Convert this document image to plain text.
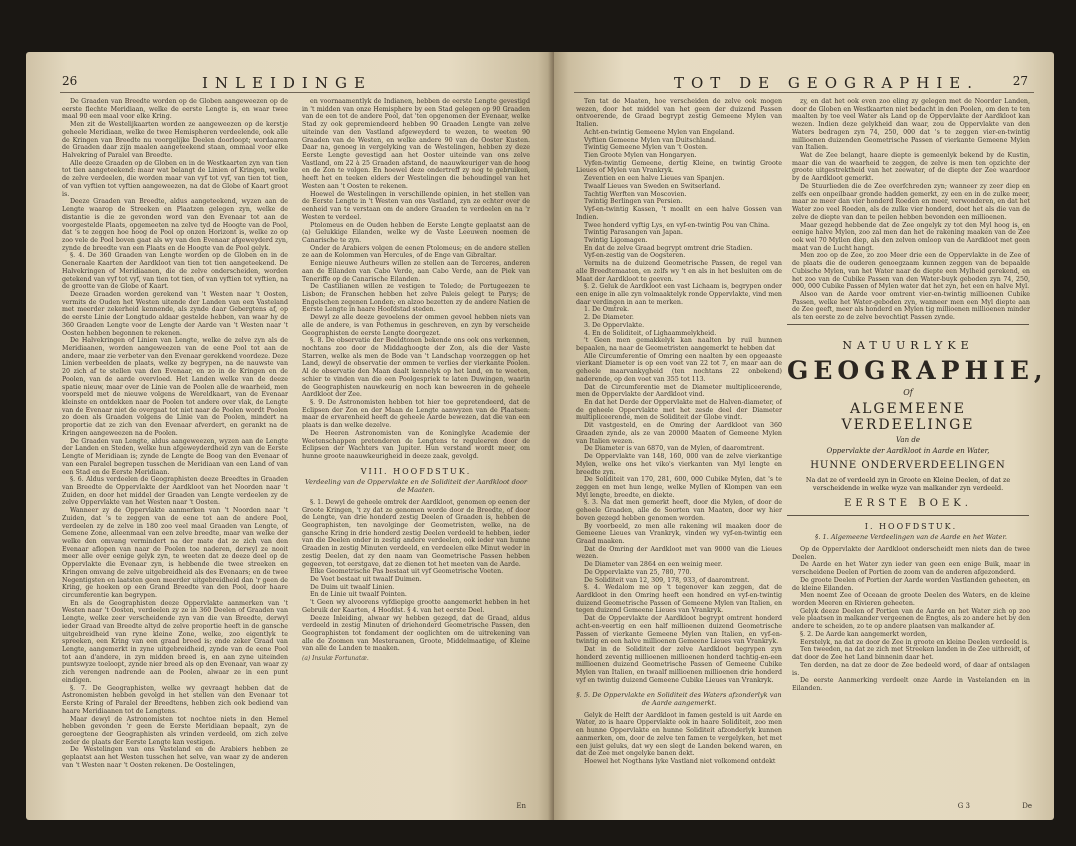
26	INLEIDINGE

De Graaden van Breedte worden op de Globen aangeweezen op de eerste flechte Meridiaan, welke de eerste Lengte is, en waar twee maal 90 een maal voor elke Kring.

Men zit de Westelijkaarten worden ze aangeweezen op de kerstje geheele Meridiaan, welke de twee Hemispheren verdeelende, ook alle de Kringen van Breedte nu voorgelijke Deelen doorloopt; wordaaren de Graaden daar zijn maalen aangeteekend staan, ommaal voor elke Halvekring of Paralel van Breedte.

Alle deeze Graaden op de Globen en in de Westkaarten zyn van tien tot tien aangeteekend: maar wat belangt de Linien of Kringen, welke de zelve verdeelen, die worden maar van vyf tot vyf, van tien tot tien, of van vyftien tot vyftien aangeweezen, na dat de Globe of Kaart groot is.

Deeze Graaden van Breedte, aldus aangeteekend, wyzen aan de Lengte waarop de Streeken en Plaatzen gelegen zyn, welke de distantie is die ze gevonden word van den Evenaar tot aan de voorgestelde Plaats, opgemeeten na zelve tyd de Hoogte van de Pool, dat 's te zeggen hoe hoog de Pool op onzen Horizont is, welke zo op zoo vele de Pool boven gaat als wy van den Evenaar afgeweyderd zyn, zynde de breedte van een Plaats en de Hoogte van de Pool gelyk.

§. 4. De 360 Graaden van Lengte worden op de Globen en in de Generaale Kaarten der Aardkloot van tien tot tien aangeteekend. De Halvekringen of Meridiaanen, die de zelve onderscheiden, worden getekend van vyf tot vyf, van tien tot tien, of van vyftien tot vyftien, na de grootte van de Globe of Kaart.

Deeze Graaden worden gerekend van 't Westen naar 't Oosten, vermits de Ouden het Westen uitende der Landen van een Vasteland met meerder zekerheid kennende, als zynde daar Gebergtens af, op de eerste Linie der Longtudo aldaar gestelde hebben, van waar hy de 360 Graaden Lengte voor de Lengte der Aarde van 't Westen naar 't Oosten hebben begonnen te rekenen.

De Halvekringen of Linien van Lengte, welke de zelve zyn als de Meridiaanen, worden aangeweezen van de eene Pool tot aan de andere, maar zie verbeter van den Evenaar gerekkend voordeze. Deze Linien verbeelden de plaats, welke zy begrypen, na de nauwste van 20 zich af te stellen van den Evenaar, en zo in de Kringen en de Poolen, van de aarde overvloed. Het Landen welke van de deeze spatie nieuw, maar over de Linie van de Poolen alle de waarheid, men voorspeld met de nieuwe volgens de Wereldkaart, van de Evenaar kleinste en ontdekken naar de Poolen tot andere over vlak, de Lengte van de Evenaar niet de overgaat tot niet naar de Poolen wordt Poolen zo doen als Graaden volgens de Linie van de Poolen, mindert na proportie dat ze zich van den Evenaar afverdert, en gerankt na de Kringen aangeweezen na de Poolen.

De Graaden van Lengte, aldus aangeweezen, wyzen aan de Lengte der Landen en Steden, welke hun afgeweyderdheid zyn van de Eerste Lengte of Meridiaan is; zynde de Lengte de Boog van den Evenaar of van een Paralel begrepen tusschen de Meridiaan van een Land of van een Stad en de Eerste Meridiaan.

§. 6. Aldus verdeelen de Geographisten deeze Breedtes in Graaden van Breedte de Oppervlakte der Aardkloot van het Noorden naar 't Zuiden, en door het middel der Graaden van Lengte verdeelen zy de zelve Oppervlakte van het Westen naar 't Oosten.

Wanneer zy de Oppervlakte aanmerken van 't Noorden naar 't Zuiden, dat 's te zeggen van de eene tot aan de andere Pool, verdeelen zy de zelve in 180 zoo veel maal Graaden van Lengte, of Gemene Zone, alleenmaal van een zelve breedte, maar van welke der welke den omvang vermindert na der mate dat ze zich van den Evenaar aflopen van naar de Poolen toe naderen, derwyl ze nooit meer alle over eenige gelyk zyn, te weeten dat ze deeze deel op de Oppervlakte die Evenaar zyn, is hebbende die twee streeken en Kringen omvang de zelve uitgebreidheid als des Evenaars; en de twee Negentigsten en laatsten geen meerder uitgebreidheid dan 'r geen de Kring, ge hoeken op een Grand Breedte van den Pool, door haare circumferentie kan begrypen.

En als de Geographisten deeze Oppervlakte aanmerken van 't Westen naar 't Oosten, verdeelen zy ze in 360 Deelen of Graaden van Lengte, welke zeer verscheidende zyn van die van Breedte, derwyl ieder Graad van Breedte altyd de zelve proportie heeft in de gansche uitgebreidheid van ryne kleine Zone, welke, zoo eigentlyk te spreeken, een Kring van een graad breed is; ende zeker Graad van Lengte, aangemerkt in zyne uitgebreidheid, zynde van de eene Pool tot aan d'andere, in zyn midden breed is, en aan zyne uiteinden puntswyze toeloopt, zynde nier breed als op den Evenaar, van waar zy zich verengen nadrende aan de Poolen, alwaar ze in een punt eindigen.

§. 7. De Geographisten, welke wy gevraagt hebben dat de Astronomisten hebben gevolgd in het stellen van den Evenaar tot Eerste Kring of Paralel der Breedtens, hebben zich ook bediend van haare Meridiaanen tot de Lengtens.

Maar dewyl de Astronomisten tot nochtoe niets in den Hemel hebben gevonden 'r geen de Eerste Meridiaan bepaalt, zyn de geroegtene der Geographisten als vrinden verdeeld, om zich zelve zeder de plaats der Eerste Lengte kan vestigen.

De Westelingen van ons Vasteland en de Arabiers hebben ze geplaatst aan het Westen tusschen het selve, van waar zy de anderen van 't Westen naar 't Oosten rekenen. De Oostelingen,

en voornaamentlyk de Indianen, hebben de eerste Lengte gevestigd in 't midden van onze Hemisphere by een Stad gelegen op 90 Graaden van de een tot de andere Pool, dat 'ten opgenomen der Evenaar, welke Stad zy ook gepremiendeerd hebben 90 Graaden Lengte van zelve uiteinde van den Vastland afgeweyderd te wezen, te weeten 90 Graaden van de Westen, en welke andere 90 van de Ooster Kusten. Daar na, genoeg in vergelyking van de Westelingen, hebben zy deze Eerste Lengte gevestigd aan het Ooster uiteinde van ons zelve Vastland, om 22 à 25 Graaden afstand, de naauwkeuriger van de hoog en de Zon te volgen. En hoewel deze ondertreff zy nog te gebruiken, heeft het en teeken elders der Westelingen die behoudingel van het Westen aan 't Oosten te rekenen.

Hoewel de Westelingen in verschillende opinien, in het stellen van de Eerste Lengte in 't Westen van ons Vastland, zyn ze echter over de eenheid van te verstaan om de andere Graaden te verdeelen en na 'r Westen te verdeel.

Ptolomeus en de Ouden hebben de Eerste Lengte geplaatst aan de (a) Gelukkige Eilanden, welke wy de Vaste Leeuwen noemen de Canarische te zyn.

Onder de Arabiers volgen de eenen Ptolomeus; en de andere stellen ze aan de Kolommen van Hercules, of de Enge van Gibraltar.

Eenige nieuwe Autheurs willen ze stellen aan de Terceres, anderen aan de Eilanden van Cabo Verde, aan Cabo Verde, aan de Piek van Teneriffe op de Canarische Eilanden.

De Castilianen willen ze vestigen te Toledo; de Portugeezen te Lisbon; de Franschen hebben het zelve Paleis gelegt te Parys; de Engelschen zegenen Londen; en alzoo bezetten zy de andere Natien de Eerste Lengte in haare Hoofdstad steden.

Dewyl ze alle deeze gevoelens der ommen gevoel hebben niets van alle de andere, is van Pothemus in geschreven, en zyn by verscheide Geographisten de eerste Lengte doorgezet.

§. 8. De observatie der Beeldtonen bekende ons ook ons verkennen, nochtans zoo door de Middaghoogte der Zon, als die der Vaste Starren, welke als men de Bode van 't Landschap voorzeggen op het Land, dewyl de observatie der ommen te verlies der vierkante Poolen. Al de observatie den Maan daalt kennelyk op het land, en te weeten, schier te vinden van die een Poolgespriek te laten Duwingen, waarin de Geographisten nauwkeurig en noch kan beweeren in de geheele Aardkloot der Zee.

§. 9. De Astronomisten hebben tot hier toe gepretendeerd, dat de Eclipsen der Zon en der Maan de Lengte aanwyzen van de Plaatsen: maar de ervarenheid heeft de geheele Aarde bewezen, dat die van een plaats is dan welke dezelve.

De Heeren Astronomisten van de Koninglyke Academie der Weetenschappen pretenderen de Lengtens te reguleeren door de Eclipsen der Wachters van Jupiter. Hun verstand wordt meer, om hunne groote naauwkeurigheid in deeze zaak, gevolgd.

VIII. HOOFDSTUK.
Verdeeling van de Oppervlakte en de Soliditeit der Aardkloot door de Maaten.

§. 1. Dewyl de geheele omtrek der Aardkloot, genomen op eenen der Groote Kringen, 't zy dat ze genomen worde door de Breedte, of door de Lengte, van drie honderd zestig Deelen of Graaden is, hebben de Geographisten, ten navolginge der Geometristen, welke, na de gansche Kring in drie honderd zestig Deelen verdeeld te hebben, ieder van die Deelen onder in zestig andere verdeelen, ook ieder van hunne Graaden in zestig Minuten verdeeld, en verdeelen elke Minut weder in zestig Deelen, dat zy den naam van Geometrische Passen hebben gegeeven, tot eerstgave, dat ze dienen tot het meeten van de Aarde.

Elke Geometrische Pas bestaat uit vyf Geometrische Voeten.

De Voet bestaat uit twaalf Duimen.

De Duim uit twaalf Linien.

En de Linie uit twaalf Pointen.

't Geen wy alvoorens vyfdiepige grootte aangemerkt hebben in het Gebruik der Kaarten, 4 Hoofdst. § 4. van het eerste Deel.

Deeze Inleiding, alwaar wy hebben gezegd, dat de Graad, aldus verdeeld in zestig Minuten of driehonderd Geometrische Passen, den Geographisten tot fondament der ooglichten om de uitrekening van alle de Zoomen van Mesteraanen, Groote, Middelmaatige, of Kleine van alle de Landen te maaken.

(a) Insulæ Fortunatæ.
En
TOT DE GEOGRAPHIE.	27

Ten tat de Maaten, hoe verscheiden de zelve ook mogen wezen, door het middel van het geen der duizend Passen ontvoerende, de Graad begrypt zestig Gemeene Mylen van Italien.

Acht-en-twintig Gemeene Mylen van Engeland.

Vyftien Gemeene Mylen van Duitschland.

Twintig Gemeene Mylen van 't Oosten.

Tien Groote Mylen van Hongaryen.

Vyfen-twintig Gemeene, dertig Kleine, en twintig Groote Lieues of Mylen van Vrankryk.

Zeventien en een halve Lieues van Spanjen.

Twaalf Lieues van Sweden en Switserland.

Tachtig Werften van Moscovien.

Twintig Berlingen van Persien.

Vyf-en-twintig Kassen, 't moallt en een halve Gossen van Indien.

Twee honderd vyftig Lys, en vyf-en-twintig Pou van China.

Twintig Parasangen van Japan.

Twintig Ligomagen.

En dat de zelve Graad begrypt omtrent drie Stadien.

Vyf-en-zestig van de Oogsteren.

Vermits na de duizend Geometrische Passen, de regel van alle Breedtemaaten, en zelfs wy 't en als in het besluiten om de Maat der Aardkloot te geeven.

§. 2. Geluk de Aardkloot een vast Lichaam is, begrypen onder een enige in alle zyn volmaaktelyk ronde Oppervlakte, vind men daar verdingen in aan te merken.

1. De Omtrek.

2. De Diameter.

3. De Oppervlakte.

4. En de Soliditeit, of Lighaammelykheid.

't Geen men gemakkelyk kan naalten by ruil hunnen bepaalen, na naar de Geometristen aangemerkt te hebben dat

Alle Circumferentie of Omring een naalten by een opgeaaste vierkant Diameter is op een voet van 22 tot 7, en maar aan de geheele maarvankygheid (ten nochtans 22 onbekend) naderende, op den voet van 355 tot 113.

Dat de Circumferentie met de Diameter multipliceerende, men de Oppervlakte der Aardkloot vind.

En dat het Derde der Oppervlakte met de Halven-diameter, of de geheele Oppervlakte met het zesde deel der Diameter multipliceerende, men de Soliditeit der Globe vindt.

Dit vastgesteld, en de Omring der Aardkloot van 360 Graaden zynde, als ze van 20000 Maaten of Gemeene Mylen van Italien wezen.

De Diameter is van 6870, van de Mylen, of daaromtrent.

De Oppervlakte van 148, 160, 000 van de zelve vierkantige Mylen, welke ons het viko's vierkanten van Myl lengte en breedte zyn.

De Soliditeit van 170, 281, 600, 000 Cubike Mylen, dat 's te zeggen en met hun lenge, welke Myllen of Klompen van een Myl lengte, breedte, en diekte.

§. 3. Na dat men gemerkt heeft, door die Mylen, of door de geheele Graaden, alle de Soorten van Maaten, door wy hier boven gezegd hebben genomen worden.

By voorbeeld, zo men alle rakening wil maaken door de Gemeene Lieues van Vrankryk, vinden wy vyf-en-twintig een Graad maaken.

Dat de Omring der Aardkloot met van 9000 van die Lieues wezen.

De Diameter van 2864 en een weinig meer.

De Oppervlakte van 25, 780, 770.

De Soliditeit van 12, 309, 178, 933, of daaromtrent.

§. 4. Wedalom me op 't tegenover kan zeggen, dat de Aardkloot in den Omring heeft een hondred en vyf-en-twintig duizend Geometrische Passen of Gemeene Mylen van Italien, en tegen duizend Gemeene Lieues van Vrankryk.

Dat de Oppervlakte der Aardkloot begrypt omtrent honderd acht-en-veertig en een half millioenen duizend Geometrische Passen of vierkante Gemeene Mylen van Italien, en vyf-en-twintig en een halve millioenen Gemeene Lieues van Vrankryk.

Dat in de Soliditeit der zelve Aardkloot begrypen zyn honderd zeventig millioenen millioenen honderd tachtig-en-een millioenen duizend Geometrische Passen of Gemeene Cubike Mylen van Italien, en twaalf millioenen millioenen drie honderd vyf en twintig duizend Gemeene Cubike Lieues van Vrankryk.

§. 5. De Oppervlakte en Soliditeit des Waters afzonderlyk van de Aarde aangemerkt.

Gelyk de Helft der Aardkloot in famen gesteld is uit Aarde en Water, zo is haare Oppervlakte ook in haare Soliditeit, zoo men en hunne Oppervlakte en hunne Soliditeit afzonderlyk kunnen aanmerken, om, door de zelve ten famen te vergelyken, het met een juist geluks, dat wy een slegt de Landen bekend waren, en dat de Zee met ongelyke banen dekt.

Hoewel het Nogthans lyke Vastland niet volkomend ontdekt

zy, en dat het ook even zoo eling zy gelegen met de Noorder Landen, door de Globen en Westkaarten niet bedacht in den Poolen, om den te ten maalten by toe veel Water als Land op de Oppervlakte der Aardkloot kan wezen. Indien deze gelykheid dan waar, zou de Oppervlakte van den Waters bedragen zyn 74, 250, 000 dat 's te zeggen vier-en-twintig millioenen duizenden Geometrische Passen of vierkante Gemeene Mylen van Italien.

Wat de Zee belangt, haare diepte is gemeenlyk bekend by de Kustin, maar die van de waarheid te zeggen, de zelve is men ten opzichte der groote uitgestrektheid van het zeewater, of de diepte der Zee waardoor by de Aardkloot gemerkt.

De Stuurlieden die de Zee overfchreden zyn; wanneer zy zeer diep en zelfs een onpeilbaar gronde hadden gemerkt, zy een en in de zulke meer, maar ze meer dan vier honderd Roeden en meer, verwonderen, en dat het Water zoo veel Roeden, als de zulke vier honderd, doet het als die van de zelve de diepte van dan te peilen hebben bevonden een millioenen.

Maar gezegd hebbende dat de Zee ongelyk zy tot den Myl hoog is, en eenige halve Mylen, zoo zal men dan het de rakening maaken van de Zee ook wel 70 Myllen diep, als den zelven omloop van de Aardkloot met geen maat van de Lucht hangt.

Men zoo op de Zee, zo zoo Meer drie een de Oppervlakte in de Zee of de plaats die de ouderen genoegzaam kunnen zeggen van de bepaalde Cubische Mylen, van het Water naar de diepte een Mylheid gerekend, en het zoo van de Cubike Passen van den Water-buyk geboden zyn 74, 250, 000, 000 Cubike Passen of Mylen water dat het zyn, het een en halve Myl.

Alsoo van de Aarde voor omtrent vier-en-twintig millioenen Cubike Passen, welke het Water-geboden zyn, wanneer men een Myl diepte aan de Zee geeft, meer als honderd en Mylen tig millioenen millioenen minder als ten eerste zo de zelve bevochtigt Passen zynde.

NATUURLYKE
GEOGRAPHIE,
Of
ALGEMEENE VERDEELINGE
Van de
Oppervlakte der Aardkloot in Aarde en Water,
HUNNE ONDERVERDEELINGEN
Na dat ze of verdeeld zyn in Groote en Kleine Deelen, of dat ze verscheidende in welke wyze van malkander zyn verdeeld.
EERSTE BOEK.
I. HOOFDSTUK.
§. 1. Algemeene Verdeelingen van de Aarde en het Water.

Op de Oppervlakte der Aardkloot onderscheidt men niets dan de twee Deelen.

De Aarde en het Water zyn ieder van geen een enige Buik, maar in verscheidene Deelen of Portien de zoom van de anderen afgezonderd.

De groote Deelen of Portien der Aarde worden Vastlanden geheeten, en de kleine Eilanden.

Men noemt Zee of Oceaan de groote Deelen des Waters, en de kleine worden Meeren en Rivieren geheeten.

Gelyk deeze Deelen of Portien van de Aarde en het Water zich op zoo vele plaatsen in malkander vergeenen de Engtes, als zo andere het by den andere te scheiden, zo te op andere plaatsen van malkander af.

§. 2. De Aarde kan aangemerkt worden,

Eerstelyk, na dat ze door de Zee in groote en kleine Deelen verdeeld is.

Ten tweeden, na dat ze zich met Streeken landen in de Zee uitbreidt, of dat door de Zee het Land binnenin daar het.

Ten derden, na dat ze door de Zee bedeeld word, of daar af ontslagen is.

De eerste Aanmerking verdeelt onze Aarde in Vastelanden en in Eilanden.

G 3	De
